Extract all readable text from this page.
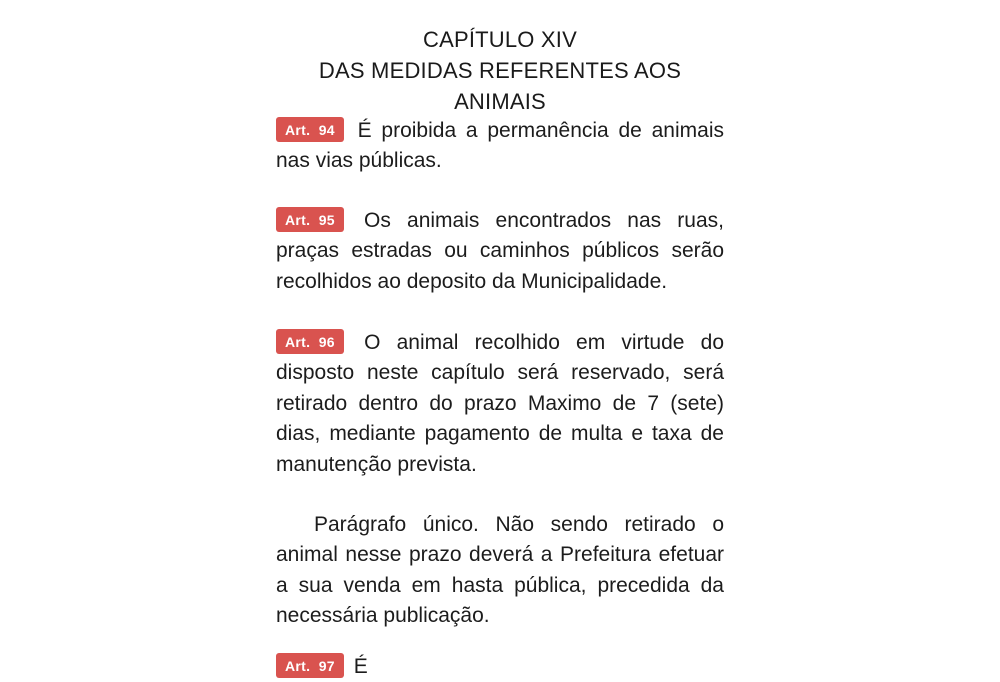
CAPÍTULO XIV
DAS MEDIDAS REFERENTES AOS ANIMAIS

Art.  94 É proibida a permanência de animais nas vias públicas.

Art.  95 Os animais encontrados nas ruas, praças estradas ou caminhos públicos serão recolhidos ao deposito da Municipalidade.

Art.  96 O animal recolhido em virtude do disposto neste capítulo será reservado, será retirado dentro do prazo Maximo de 7 (sete) dias, mediante pagamento de multa e taxa de manutenção prevista.

Parágrafo único. Não sendo retirado o animal nesse prazo deverá a Prefeitura efetuar a sua venda em hasta pública, precedida da necessária publicação.

Art.  97 É
